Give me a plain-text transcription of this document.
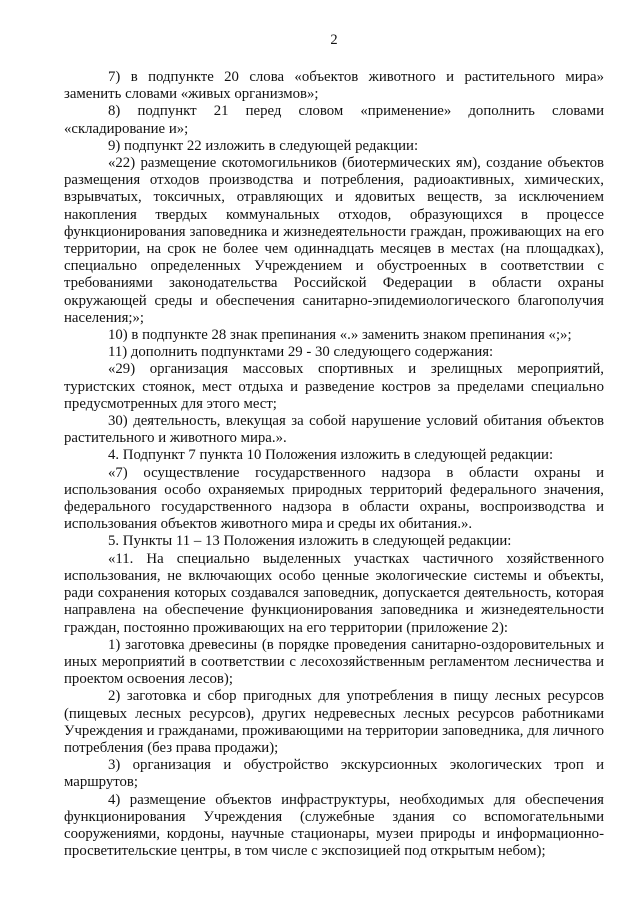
2

7) в подпункте 20 слова «объектов животного и растительного мира» заменить словами «живых организмов»;

8) подпункт 21 перед словом «применение» дополнить словами «складирование и»;

9) подпункт 22 изложить в следующей редакции:

«22) размещение скотомогильников (биотермических ям), создание объектов размещения отходов производства и потребления, радиоактивных, химических, взрывчатых, токсичных, отравляющих и ядовитых веществ, за исключением накопления твердых коммунальных отходов, образующихся в процессе функционирования заповедника и жизнедеятельности граждан, проживающих на его территории, на срок не более чем одиннадцать месяцев в местах (на площадках), специально определенных Учреждением и обустроенных в соответствии с требованиями законодательства Российской Федерации в области охраны окружающей среды и обеспечения санитарно-эпидемиологического благополучия населения;»;

10) в подпункте 28 знак препинания «.» заменить знаком препинания «;»;

11) дополнить подпунктами 29 - 30 следующего содержания:

«29) организация массовых спортивных и зрелищных мероприятий, туристских стоянок, мест отдыха и разведение костров за пределами специально предусмотренных для этого мест;

30) деятельность, влекущая за собой нарушение условий обитания объектов растительного и животного мира.».

4. Подпункт 7 пункта 10 Положения изложить в следующей редакции:

«7) осуществление государственного надзора в области охраны и использования особо охраняемых природных территорий федерального значения, федерального государственного надзора в области охраны, воспроизводства и использования объектов животного мира и среды их обитания.».

5. Пункты 11 – 13 Положения изложить в следующей редакции:

«11. На специально выделенных участках частичного хозяйственного использования, не включающих особо ценные экологические системы и объекты, ради сохранения которых создавался заповедник, допускается деятельность, которая направлена на обеспечение функционирования заповедника и жизнедеятельности граждан, постоянно проживающих на его территории (приложение 2):

1) заготовка древесины (в порядке проведения санитарно-оздоровительных и иных мероприятий в соответствии с лесохозяйственным регламентом лесничества и проектом освоения лесов);

2) заготовка и сбор пригодных для употребления в пищу лесных ресурсов (пищевых лесных ресурсов), других недревесных лесных ресурсов работниками Учреждения и гражданами, проживающими на территории заповедника, для личного потребления (без права продажи);

3) организация и обустройство экскурсионных экологических троп и маршрутов;

4) размещение объектов инфраструктуры, необходимых для обеспечения функционирования Учреждения (служебные здания со вспомогательными сооружениями, кордоны, научные стационары, музеи природы и информационно-просветительские центры, в том числе с экспозицией под открытым небом);
